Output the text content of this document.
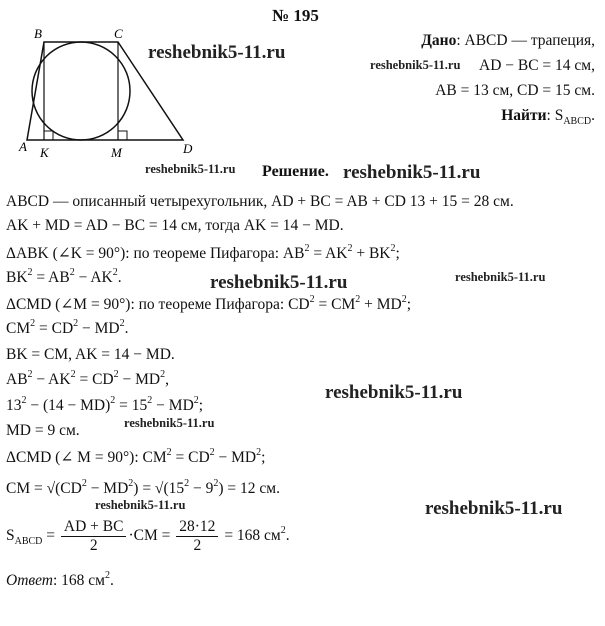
№ 195
B	C
A K	M	D
Дано: ABCD — трапеция,
AD − BC = 14 см,
AB = 13 см, CD = 15 см.
Найти: $S_{ABCD}$.
reshebnik5-11.ru
reshebnik5-11.ru
reshebnik5-11.ru	reshebnik5-11.ru
reshebnik5-11.ru	reshebnik5-11.ru
reshebnik5-11.ru
reshebnik5-11.ru
reshebnik5-11.ru	reshebnik5-11.ru
Решение.
ABCD — описанный четырехугольник, AD + BC = AB + CD 13 + 15 = 28 см.
AK + MD = AD − BC = 14 см, тогда AK = 14 − MD.
ΔABK (∠K = 90°): по теореме Пифагора: $AB^2 = AK^2 + BK^2$;
$BK^2 = AB^2 - AK^2$.
ΔCMD (∠M = 90°): по теореме Пифагора: $CD^2 = CM^2 + MD^2$;
$CM^2 = CD^2 - MD^2$.
BK = CM, AK = 14 − MD.
$AB^2 - AK^2 = CD^2 - MD^2$,
$13^2 - (14 - MD)^2 = 15^2 - MD^2$;
MD = 9 см.
ΔCMD (∠ M = 90°): $CM^2 = CD^2 - MD^2$;
CM = $√(CD^2 - MD^2) = √(15^2 - 9^2) = 12$ см.
$S_{ABCD} = \frac{AD + BC}{2} \cdot CM = \frac{28\cdot 12}{2} = 168$ $см^2$.
Ответ: 168 $см^2$.
